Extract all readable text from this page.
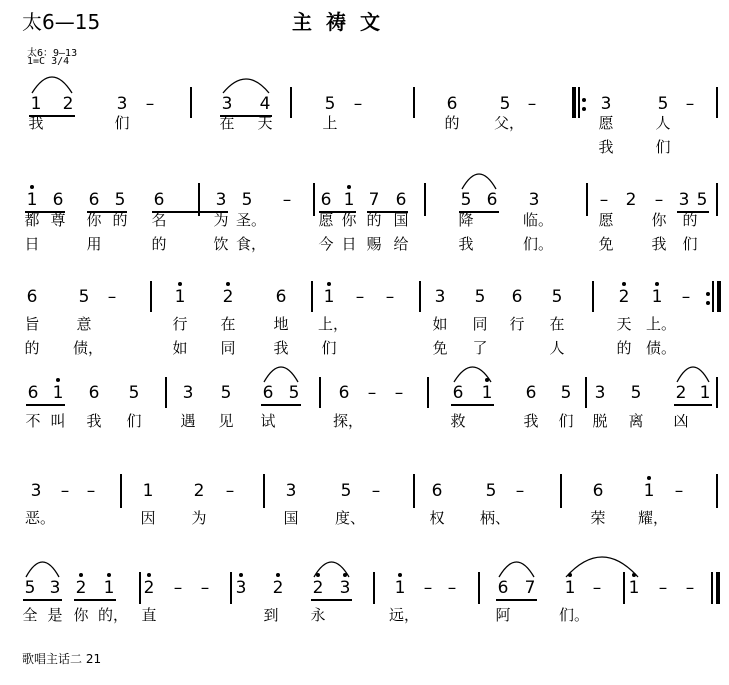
太6—15	主祷文
太6：9—13
1=C 3/4
1	2	3	–	3	4	5	–	6	5	–	3	5	–
我	们	在 天	上	的 父，	愿	人
我	们
1 6	6 5	6	3 5	–	6 1 7 6	5 6	3	–	2	– 3 5
都 尊 你 的 名	为 圣。	愿 你 的 国	降	临。	愿	你 的
日	用	的	饮 食，	今 日 赐 给	我	们。	免	我 们
6	5	–	1	2	6	1	–	–	3	5	6	5	2	1	–
旨 意	行 在	地 上，	如 同 行 在	天 上。
的 债，	如 同	我 们	免 了	人	的 债。
6 1	6	5	3	5	6 5	6	–	–	6	1	6	5	3	5	2 1
不 叫 我 们	遇 见 试	探，	救	我 们 脱 离 凶
3	–	–	1	2	–	3	5	–	6	5	–	6	1	–
恶。	因 为	国 度、	权 柄、	荣 耀，
5 3 2	1	2	–	–	3	2	2 3	1	– –	6 7	1	–	1	–	–
全 是 你 的， 直	到 永	远，	阿	们。
歌唱主话二 21
